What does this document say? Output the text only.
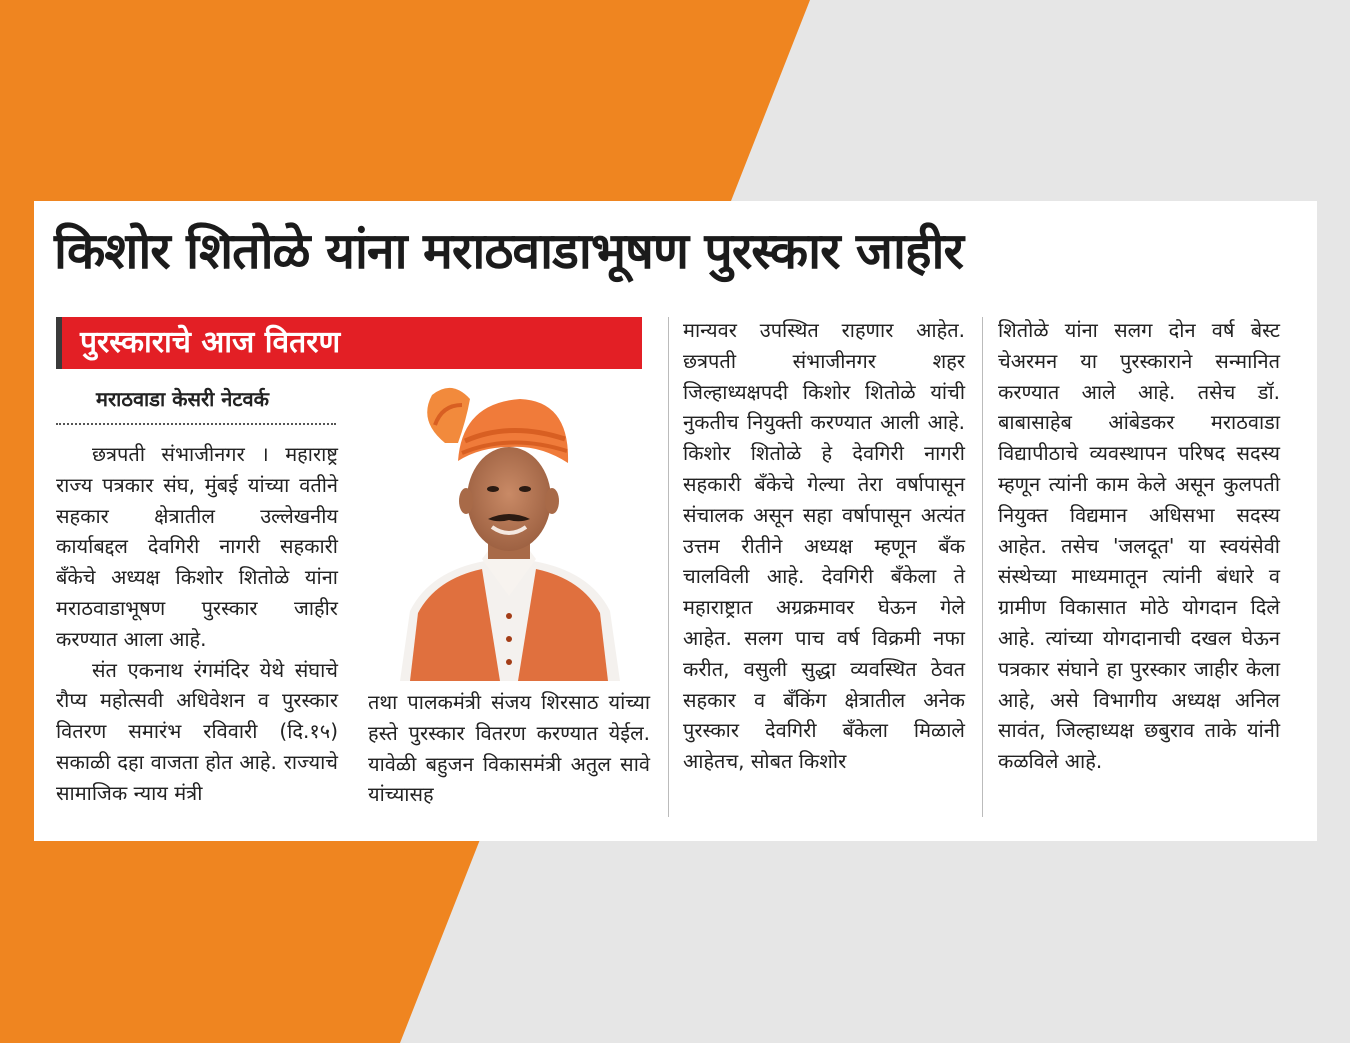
किशोर शितोळे यांना मराठवाडाभूषण पुरस्कार जाहीर
पुरस्काराचे आज वितरण
मराठवाडा केसरी नेटवर्क

छत्रपती संभाजीनगर । महाराष्ट्र राज्य पत्रकार संघ, मुंबई यांच्या वतीने सहकार क्षेत्रातील उल्लेखनीय कार्याबद्दल देवगिरी नागरी सहकारी बँकेचे अध्यक्ष किशोर शितोळे यांना मराठवाडाभूषण पुरस्कार जाहीर करण्यात आला आहे.

संत एकनाथ रंगमंदिर येथे संघाचे रौप्य महोत्सवी अधिवेशन व पुरस्कार वितरण समारंभ रविवारी (दि.१५) सकाळी दहा वाजता होत आहे. राज्याचे सामाजिक न्याय मंत्री

तथा पालकमंत्री संजय शिरसाठ यांच्या हस्ते पुरस्कार वितरण करण्यात येईल. यावेळी बहुजन विकासमंत्री अतुल सावे यांच्यासह

मान्यवर उपस्थित राहणार आहेत. छत्रपती संभाजीनगर शहर जिल्हाध्यक्षपदी किशोर शितोळे यांची नुकतीच नियुक्ती करण्यात आली आहे. किशोर शितोळे हे देवगिरी नागरी सहकारी बँकेचे गेल्या तेरा वर्षापासून संचालक असून सहा वर्षापासून अत्यंत उत्तम रीतीने अध्यक्ष म्हणून बँक चालविली आहे. देवगिरी बँकेला ते महाराष्ट्रात अग्रक्रमावर घेऊन गेले आहेत. सलग पाच वर्ष विक्रमी नफा करीत, वसुली सुद्धा व्यवस्थित ठेवत सहकार व बँकिंग क्षेत्रातील अनेक पुरस्कार देवगिरी बँकेला मिळाले आहेतच, सोबत किशोर

शितोळे यांना सलग दोन वर्ष बेस्ट चेअरमन या पुरस्काराने सन्मानित करण्यात आले आहे. तसेच डॉ. बाबासाहेब आंबेडकर मराठवाडा विद्यापीठाचे व्यवस्थापन परिषद सदस्य म्हणून त्यांनी काम केले असून कुलपती नियुक्त विद्यमान अधिसभा सदस्य आहेत. तसेच 'जलदूत' या स्वयंसेवी संस्थेच्या माध्यमातून त्यांनी बंधारे व ग्रामीण विकासात मोठे योगदान दिले आहे. त्यांच्या योगदानाची दखल घेऊन पत्रकार संघाने हा पुरस्कार जाहीर केला आहे, असे विभागीय अध्यक्ष अनिल सावंत, जिल्हाध्यक्ष छबुराव ताके यांनी कळविले आहे.
